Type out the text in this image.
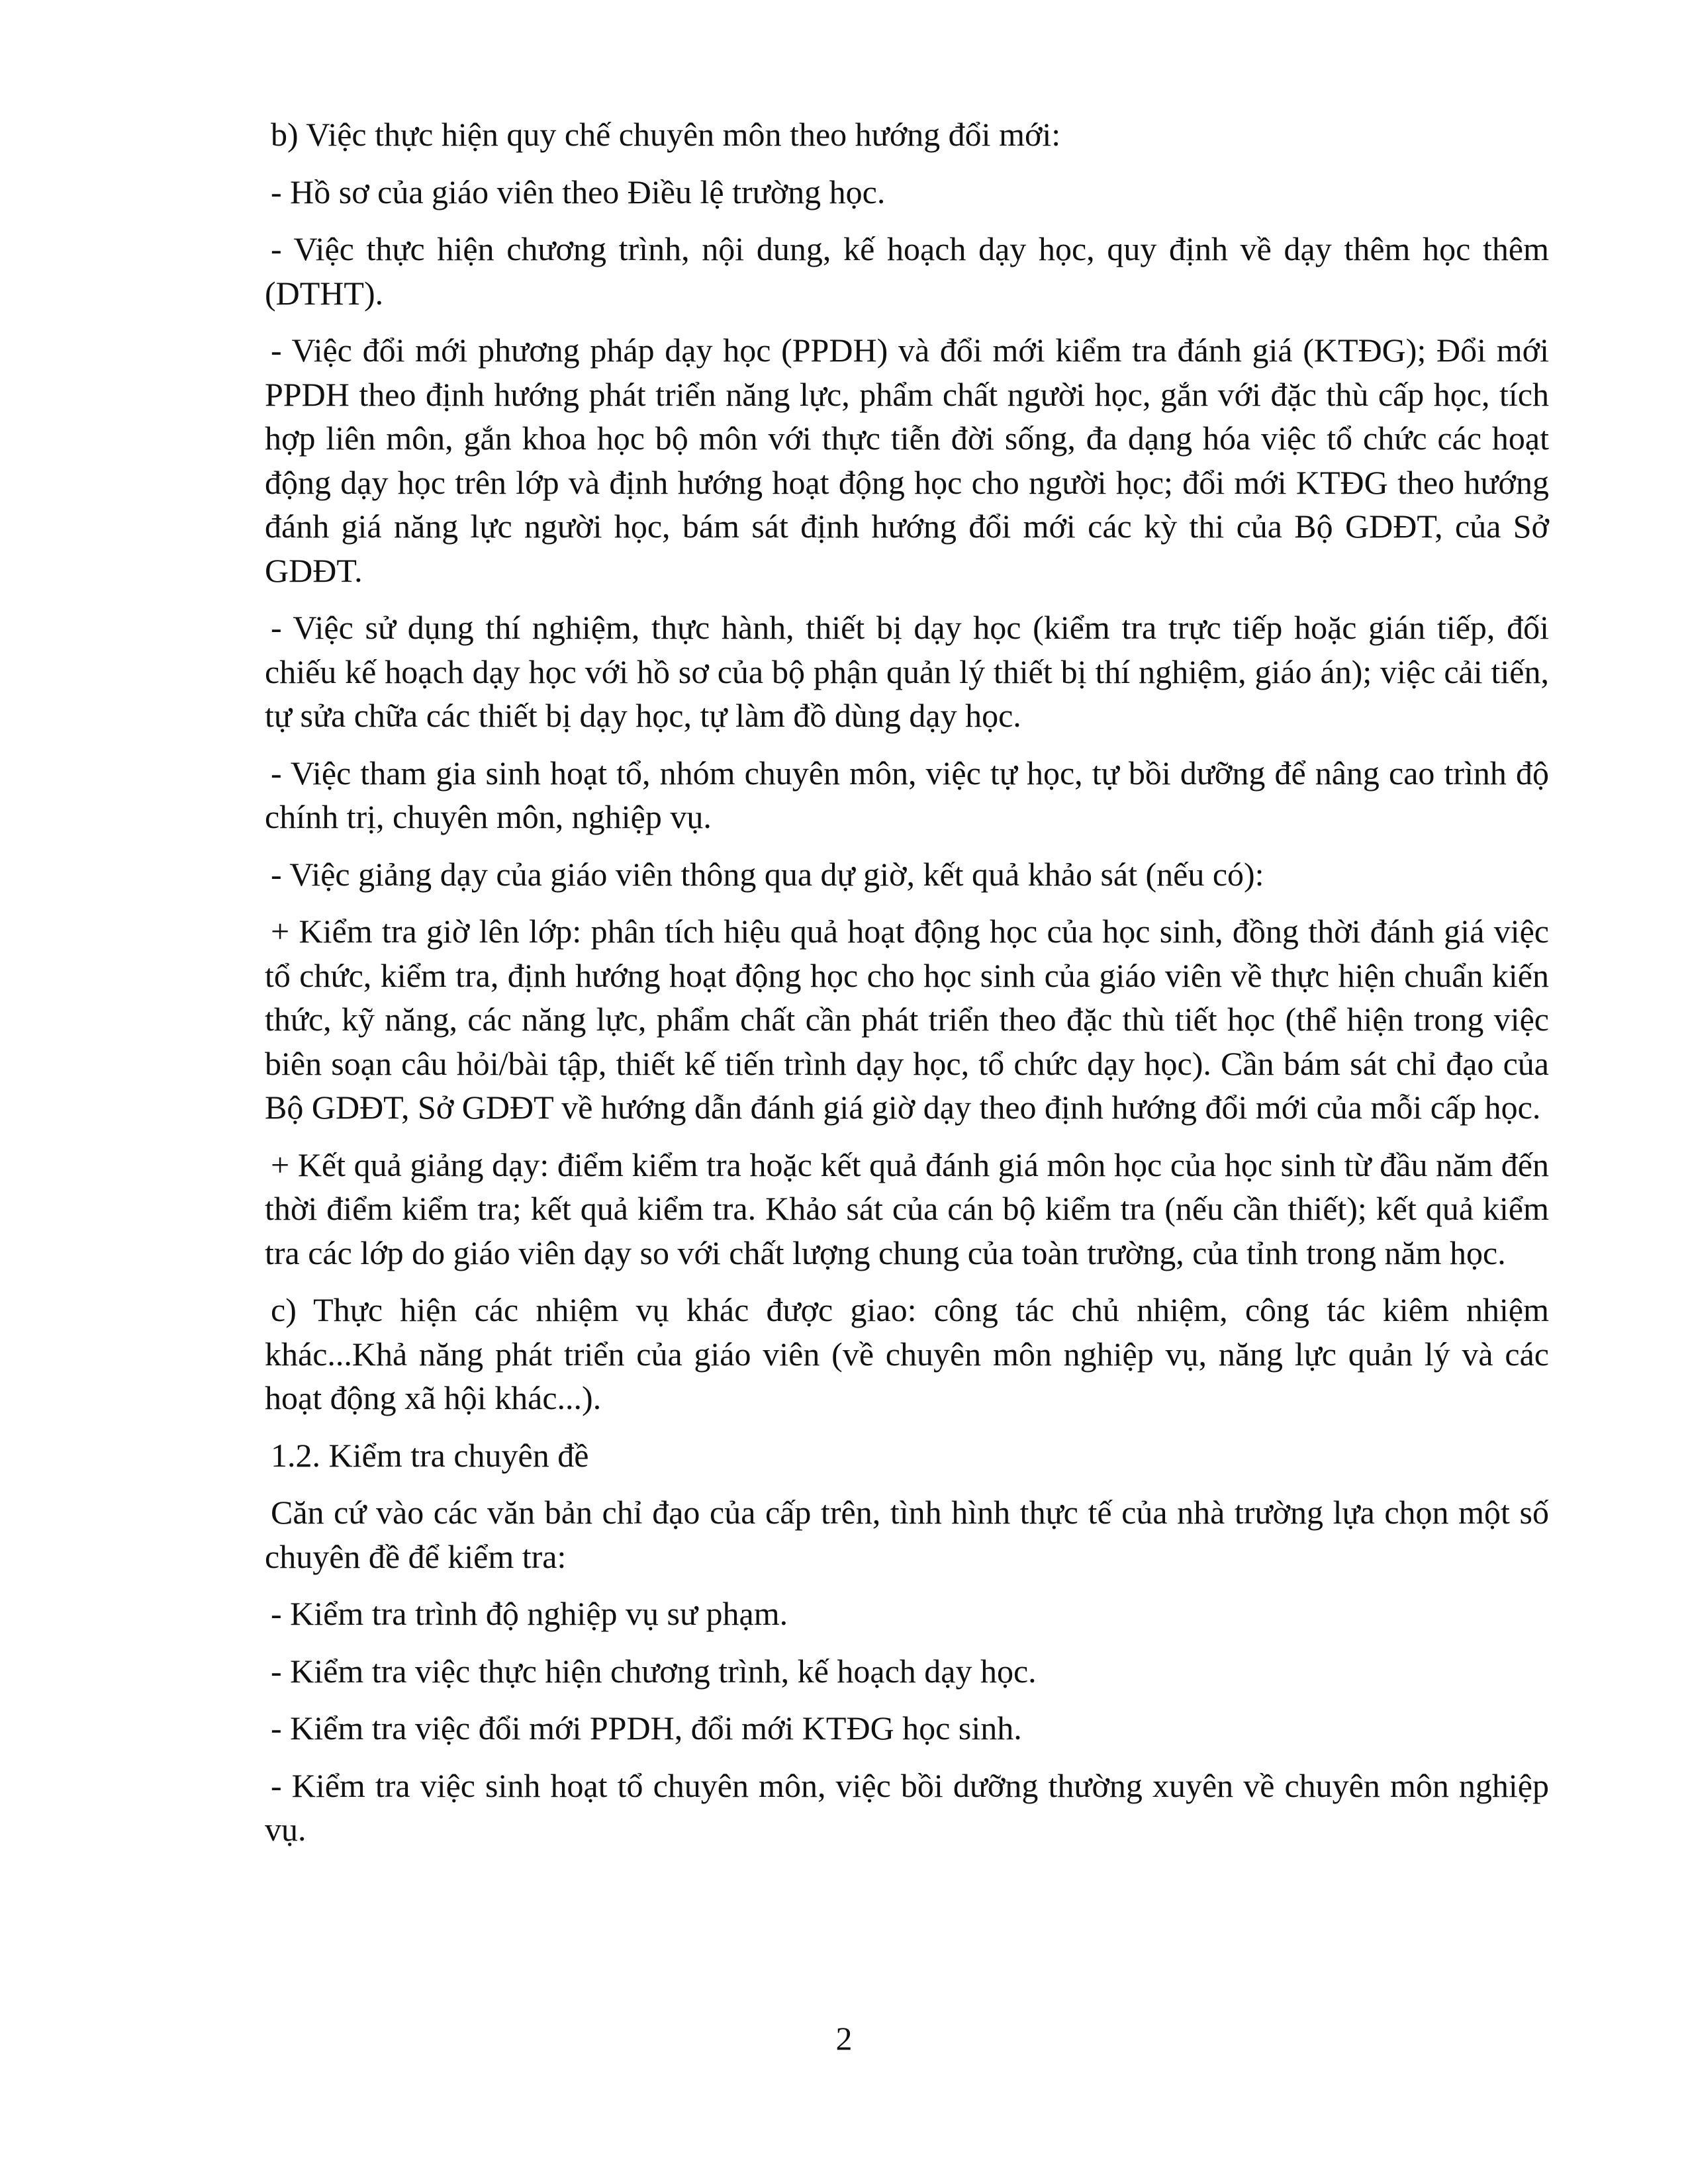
b) Việc thực hiện quy chế chuyên môn theo hướng đổi mới:

- Hồ sơ của giáo viên theo Điều lệ trường học.

- Việc thực hiện chương trình, nội dung, kế hoạch dạy học, quy định về dạy thêm học thêm (DTHT).

- Việc đổi mới phương pháp dạy học (PPDH) và đổi mới kiểm tra đánh giá (KTĐG); Đổi mới PPDH theo định hướng phát triển năng lực, phẩm chất người học, gắn với đặc thù cấp học, tích hợp liên môn, gắn khoa học bộ môn với thực tiễn đời sống, đa dạng hóa việc tổ chức các hoạt động dạy học trên lớp và định hướng hoạt động học cho người học; đổi mới KTĐG theo hướng đánh giá năng lực người học, bám sát định hướng đổi mới các kỳ thi của Bộ GDĐT, của Sở GDĐT.

- Việc sử dụng thí nghiệm, thực hành, thiết bị dạy học (kiểm tra trực tiếp hoặc gián tiếp, đối chiếu kế hoạch dạy học với hồ sơ của bộ phận quản lý thiết bị thí nghiệm, giáo án); việc cải tiến, tự sửa chữa các thiết bị dạy học, tự làm đồ dùng dạy học.

- Việc tham gia sinh hoạt tổ, nhóm chuyên môn, việc tự học, tự bồi dưỡng để nâng cao trình độ chính trị, chuyên môn, nghiệp vụ.

- Việc giảng dạy của giáo viên thông qua dự giờ, kết quả khảo sát (nếu có):

+ Kiểm tra giờ lên lớp: phân tích hiệu quả hoạt động học của học sinh, đồng thời đánh giá việc tổ chức, kiểm tra, định hướng hoạt động học cho học sinh của giáo viên về thực hiện chuẩn kiến thức, kỹ năng, các năng lực, phẩm chất cần phát triển theo đặc thù tiết học (thể hiện trong việc biên soạn câu hỏi/bài tập, thiết kế tiến trình dạy học, tổ chức dạy học). Cần bám sát chỉ đạo của Bộ GDĐT, Sở GDĐT về hướng dẫn đánh giá giờ dạy theo định hướng đổi mới của mỗi cấp học.

+ Kết quả giảng dạy: điểm kiểm tra hoặc kết quả đánh giá môn học của học sinh từ đầu năm đến thời điểm kiểm tra; kết quả kiểm tra. Khảo sát của cán bộ kiểm tra (nếu cần thiết); kết quả kiểm tra các lớp do giáo viên dạy so với chất lượng chung của toàn trường, của tỉnh trong năm học.

c) Thực hiện các nhiệm vụ khác được giao: công tác chủ nhiệm, công tác kiêm nhiệm khác...Khả năng phát triển của giáo viên (về chuyên môn nghiệp vụ, năng lực quản lý và các hoạt động xã hội khác...).

1.2. Kiểm tra chuyên đề

Căn cứ vào các văn bản chỉ đạo của cấp trên, tình hình thực tế của nhà trường lựa chọn một số chuyên đề để kiểm tra:

- Kiểm tra trình độ nghiệp vụ sư phạm.

- Kiểm tra việc thực hiện chương trình, kế hoạch dạy học.

- Kiểm tra việc đổi mới PPDH, đổi mới KTĐG học sinh.

- Kiểm tra việc sinh hoạt tổ chuyên môn, việc bồi dưỡng thường xuyên về chuyên môn nghiệp vụ.

2
